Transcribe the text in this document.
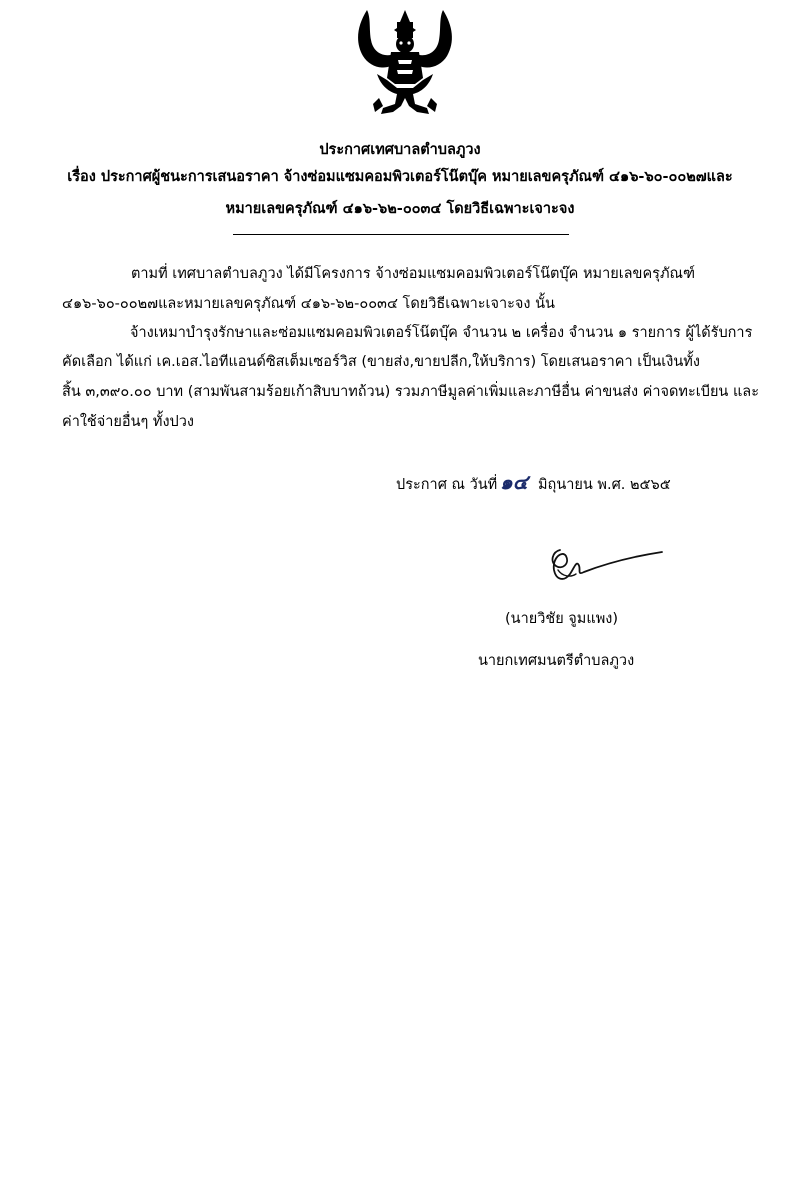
ประกาศเทศบาลตำบลภูวง
เรื่อง ประกาศผู้ชนะการเสนอราคา จ้างซ่อมแซมคอมพิวเตอร์โน๊ตบุ๊ค หมายเลขครุภัณฑ์ ๔๑๖-๖๐-๐๐๒๗และ
หมายเลขครุภัณฑ์ ๔๑๖-๖๒-๐๐๓๔ โดยวิธีเฉพาะเจาะจง
ตามที่ เทศบาลตำบลภูวง ได้มีโครงการ จ้างซ่อมแซมคอมพิวเตอร์โน๊ตบุ๊ค หมายเลขครุภัณฑ์
๔๑๖-๖๐-๐๐๒๗และหมายเลขครุภัณฑ์ ๔๑๖-๖๒-๐๐๓๔ โดยวิธีเฉพาะเจาะจง นั้น
จ้างเหมาบำรุงรักษาและซ่อมแซมคอมพิวเตอร์โน๊ตบุ๊ค จำนวน ๒ เครื่อง จำนวน ๑ รายการ ผู้ได้รับการ
คัดเลือก ได้แก่ เค.เอส.ไอทีแอนด์ซิสเต็มเซอร์วิส (ขายส่ง,ขายปลีก,ให้บริการ) โดยเสนอราคา เป็นเงินทั้ง
สิ้น ๓,๓๙๐.๐๐ บาท (สามพันสามร้อยเก้าสิบบาทถ้วน) รวมภาษีมูลค่าเพิ่มและภาษีอื่น ค่าขนส่ง ค่าจดทะเบียน และ
ค่าใช้จ่ายอื่นๆ ทั้งปวง
ประกาศ ณ วันที่ ๑๔ มิถุนายน พ.ศ. ๒๕๖๕
(นายวิชัย จูมแพง)
นายกเทศมนตรีตำบลภูวง
